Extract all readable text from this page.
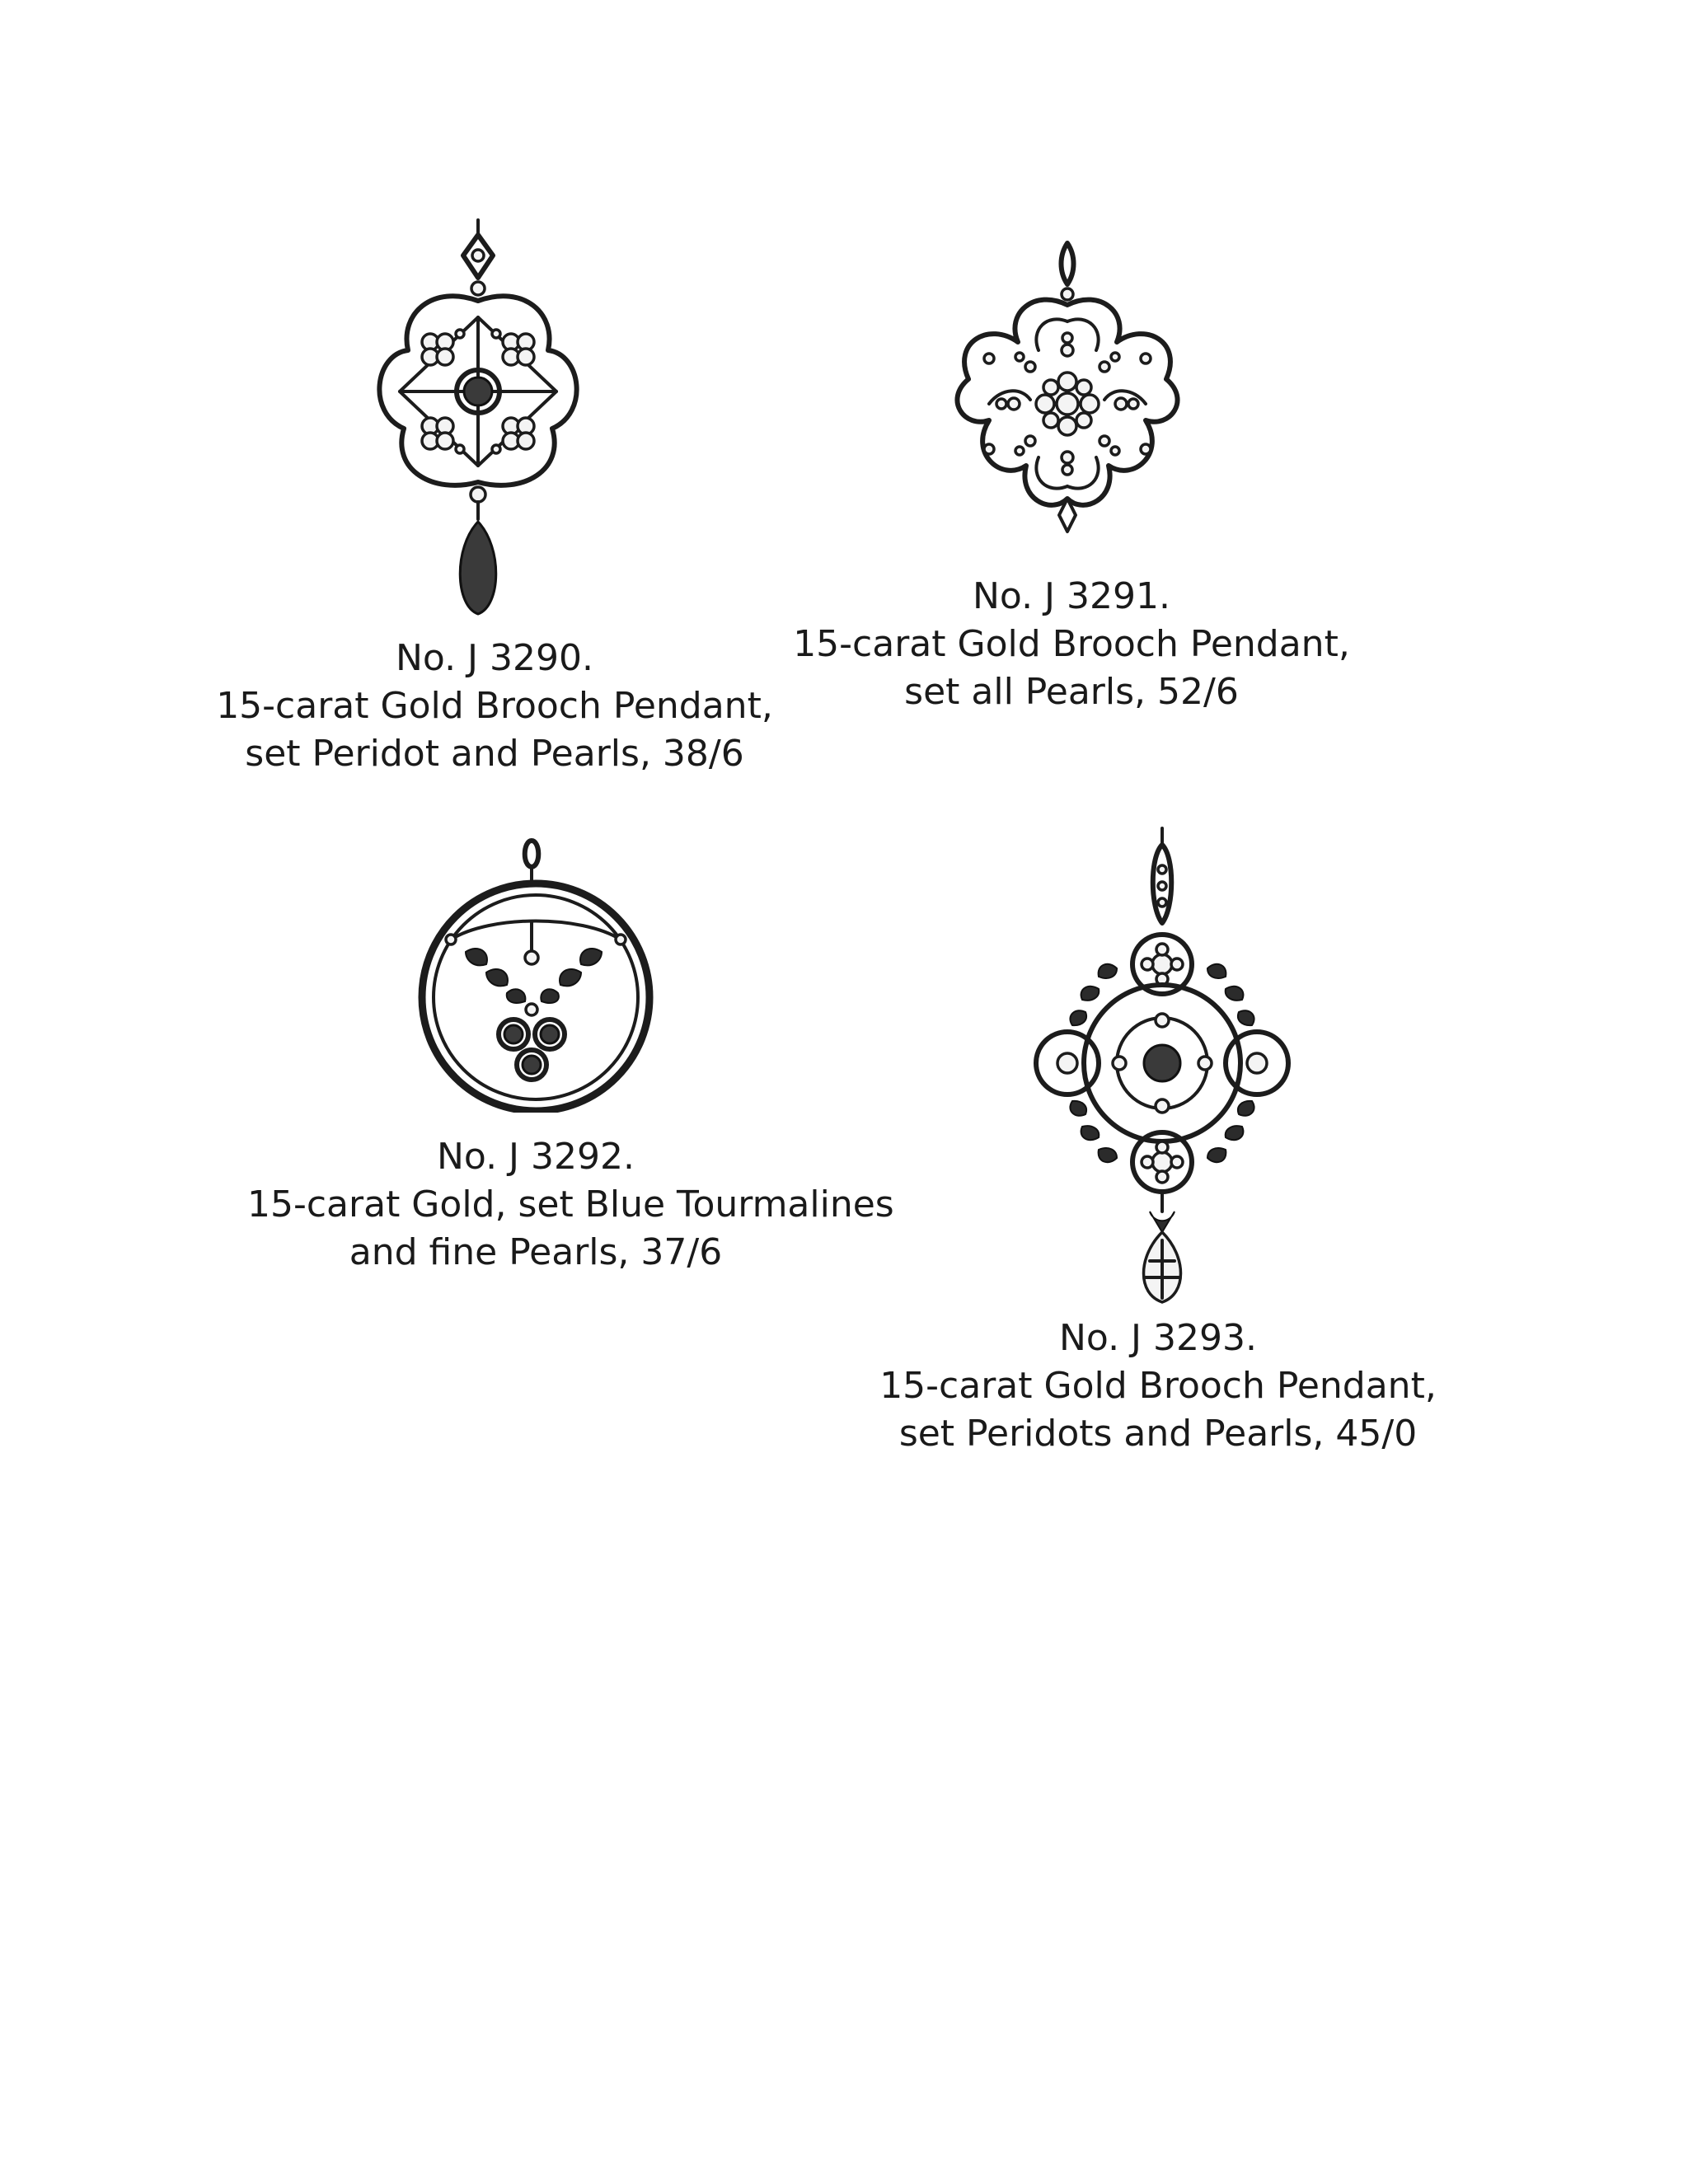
No. J 3290.
15-carat Gold Brooch Pendant,
set Peridot and Pearls, 38/6
No. J 3291.
15-carat Gold Brooch Pendant,
set all Pearls, 52/6
No. J 3292.
15-carat Gold, set Blue Tourmalines
and fine Pearls, 37/6
No. J 3293.
15-carat Gold Brooch Pendant,
set Peridots and Pearls, 45/0
